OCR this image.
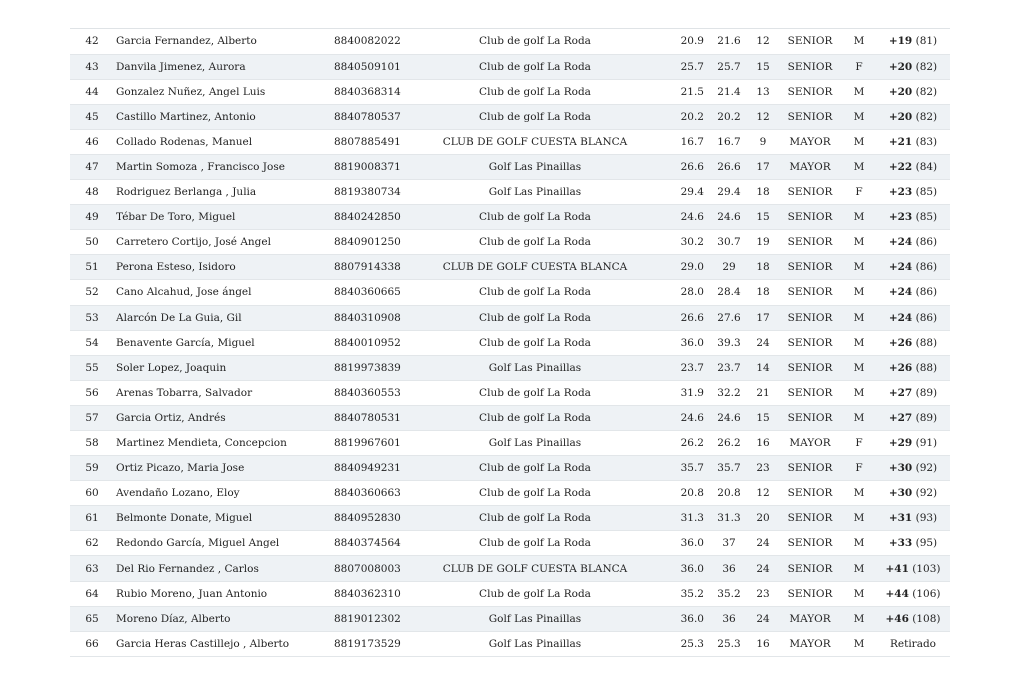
42	Garcia Fernandez, Alberto	8840082022	Club de golf La Roda	20.9	21.6	12	SENIOR	M	+19 (81)
43	Danvila Jimenez, Aurora	8840509101	Club de golf La Roda	25.7	25.7	15	SENIOR	F	+20 (82)
44	Gonzalez Nuñez, Angel Luis	8840368314	Club de golf La Roda	21.5	21.4	13	SENIOR	M	+20 (82)
45	Castillo Martinez, Antonio	8840780537	Club de golf La Roda	20.2	20.2	12	SENIOR	M	+20 (82)
46	Collado Rodenas, Manuel	8807885491	CLUB DE GOLF CUESTA BLANCA	16.7	16.7	9	MAYOR	M	+21 (83)
47	Martin Somoza , Francisco Jose	8819008371	Golf Las Pinaillas	26.6	26.6	17	MAYOR	M	+22 (84)
48	Rodriguez Berlanga , Julia	8819380734	Golf Las Pinaillas	29.4	29.4	18	SENIOR	F	+23 (85)
49	Tébar De Toro, Miguel	8840242850	Club de golf La Roda	24.6	24.6	15	SENIOR	M	+23 (85)
50	Carretero Cortijo, José Angel	8840901250	Club de golf La Roda	30.2	30.7	19	SENIOR	M	+24 (86)
51	Perona Esteso, Isidoro	8807914338	CLUB DE GOLF CUESTA BLANCA	29.0	29	18	SENIOR	M	+24 (86)
52	Cano Alcahud, Jose ángel	8840360665	Club de golf La Roda	28.0	28.4	18	SENIOR	M	+24 (86)
53	Alarcón De La Guia, Gil	8840310908	Club de golf La Roda	26.6	27.6	17	SENIOR	M	+24 (86)
54	Benavente García, Miguel	8840010952	Club de golf La Roda	36.0	39.3	24	SENIOR	M	+26 (88)
55	Soler Lopez, Joaquin	8819973839	Golf Las Pinaillas	23.7	23.7	14	SENIOR	M	+26 (88)
56	Arenas Tobarra, Salvador	8840360553	Club de golf La Roda	31.9	32.2	21	SENIOR	M	+27 (89)
57	Garcia Ortiz, Andrés	8840780531	Club de golf La Roda	24.6	24.6	15	SENIOR	M	+27 (89)
58	Martinez Mendieta, Concepcion	8819967601	Golf Las Pinaillas	26.2	26.2	16	MAYOR	F	+29 (91)
59	Ortiz Picazo, Maria Jose	8840949231	Club de golf La Roda	35.7	35.7	23	SENIOR	F	+30 (92)
60	Avendaño Lozano, Eloy	8840360663	Club de golf La Roda	20.8	20.8	12	SENIOR	M	+30 (92)
61	Belmonte Donate, Miguel	8840952830	Club de golf La Roda	31.3	31.3	20	SENIOR	M	+31 (93)
62	Redondo García, Miguel Angel	8840374564	Club de golf La Roda	36.0	37	24	SENIOR	M	+33 (95)
63	Del Rio Fernandez , Carlos	8807008003	CLUB DE GOLF CUESTA BLANCA	36.0	36	24	SENIOR	M	+41 (103)
64	Rubio Moreno, Juan Antonio	8840362310	Club de golf La Roda	35.2	35.2	23	SENIOR	M	+44 (106)
65	Moreno Díaz, Alberto	8819012302	Golf Las Pinaillas	36.0	36	24	MAYOR	M	+46 (108)
66	Garcia Heras Castillejo , Alberto	8819173529	Golf Las Pinaillas	25.3	25.3	16	MAYOR	M	Retirado
